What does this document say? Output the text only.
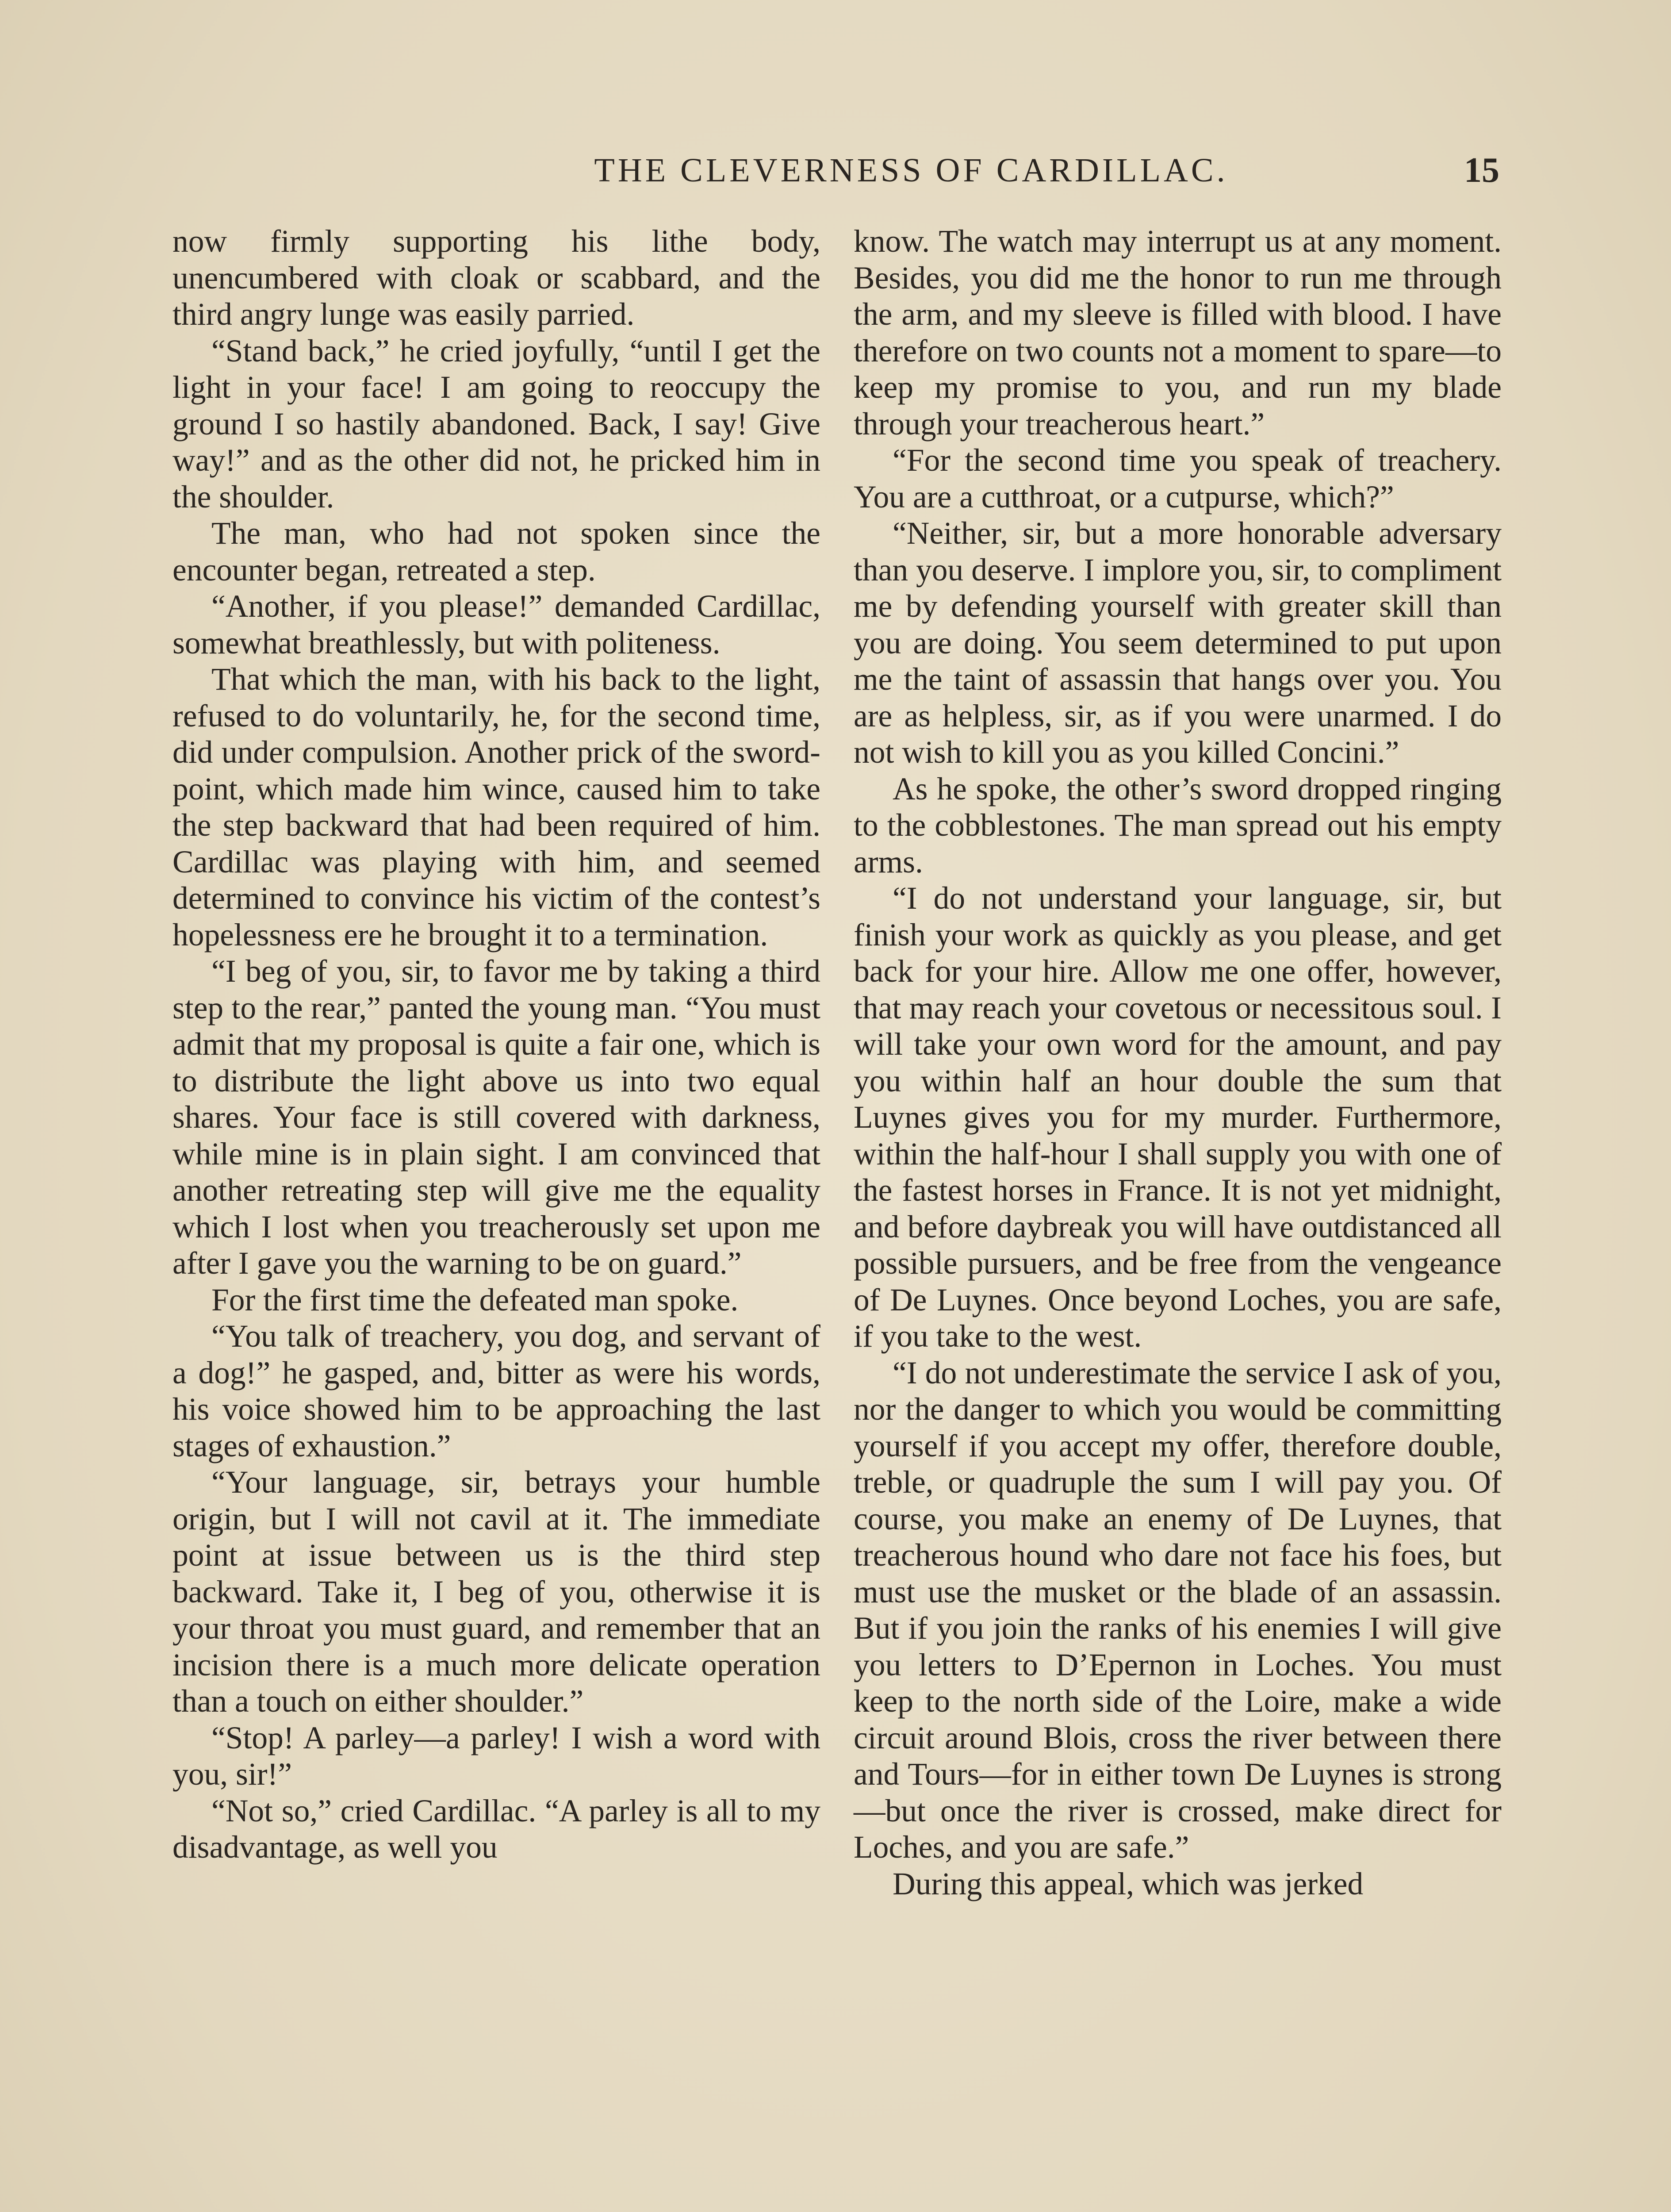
THE CLEVERNESS OF CARDILLAC.	15

now firmly supporting his lithe body, unencumbered with cloak or scabbard, and the third angry lunge was easily parried.

“Stand back,” he cried joyfully, “until I get the light in your face! I am going to reoccupy the ground I so hastily abandoned. Back, I say! Give way!” and as the other did not, he pricked him in the shoulder.

The man, who had not spoken since the encounter began, retreated a step.

“Another, if you please!” demanded Cardillac, somewhat breathlessly, but with politeness.

That which the man, with his back to the light, refused to do voluntarily, he, for the second time, did under compulsion. Another prick of the sword-point, which made him wince, caused him to take the step backward that had been required of him. Cardillac was playing with him, and seemed determined to convince his victim of the contest’s hopelessness ere he brought it to a termination.

“I beg of you, sir, to favor me by taking a third step to the rear,” panted the young man. “You must admit that my proposal is quite a fair one, which is to distribute the light above us into two equal shares. Your face is still covered with darkness, while mine is in plain sight. I am convinced that another retreating step will give me the equality which I lost when you treacherously set upon me after I gave you the warning to be on guard.”

For the first time the defeated man spoke.

“You talk of treachery, you dog, and servant of a dog!” he gasped, and, bitter as were his words, his voice showed him to be approaching the last stages of exhaustion.”

“Your language, sir, betrays your humble origin, but I will not cavil at it. The immediate point at issue between us is the third step backward. Take it, I beg of you, otherwise it is your throat you must guard, and remember that an incision there is a much more delicate operation than a touch on either shoulder.”

“Stop! A parley—a parley! I wish a word with you, sir!”

“Not so,” cried Cardillac. “A parley is all to my disadvantage, as well you

know. The watch may interrupt us at any moment. Besides, you did me the honor to run me through the arm, and my sleeve is filled with blood. I have therefore on two counts not a moment to spare—to keep my promise to you, and run my blade through your treacherous heart.”

“For the second time you speak of treachery. You are a cutthroat, or a cutpurse, which?”

“Neither, sir, but a more honorable adversary than you deserve. I implore you, sir, to compliment me by defending yourself with greater skill than you are doing. You seem determined to put upon me the taint of assassin that hangs over you. You are as helpless, sir, as if you were unarmed. I do not wish to kill you as you killed Concini.”

As he spoke, the other’s sword dropped ringing to the cobblestones. The man spread out his empty arms.

“I do not understand your language, sir, but finish your work as quickly as you please, and get back for your hire. Allow me one offer, however, that may reach your covetous or necessitous soul. I will take your own word for the amount, and pay you within half an hour double the sum that Luynes gives you for my murder. Furthermore, within the half-hour I shall supply you with one of the fastest horses in France. It is not yet midnight, and before daybreak you will have outdistanced all possible pursuers, and be free from the vengeance of De Luynes. Once beyond Loches, you are safe, if you take to the west.

“I do not underestimate the service I ask of you, nor the danger to which you would be committing yourself if you accept my offer, therefore double, treble, or quadruple the sum I will pay you. Of course, you make an enemy of De Luynes, that treacherous hound who dare not face his foes, but must use the musket or the blade of an assassin. But if you join the ranks of his enemies I will give you letters to D’Epernon in Loches. You must keep to the north side of the Loire, make a wide circuit around Blois, cross the river between there and Tours—for in either town De Luynes is strong—but once the river is crossed, make direct for Loches, and you are safe.”

During this appeal, which was jerked
